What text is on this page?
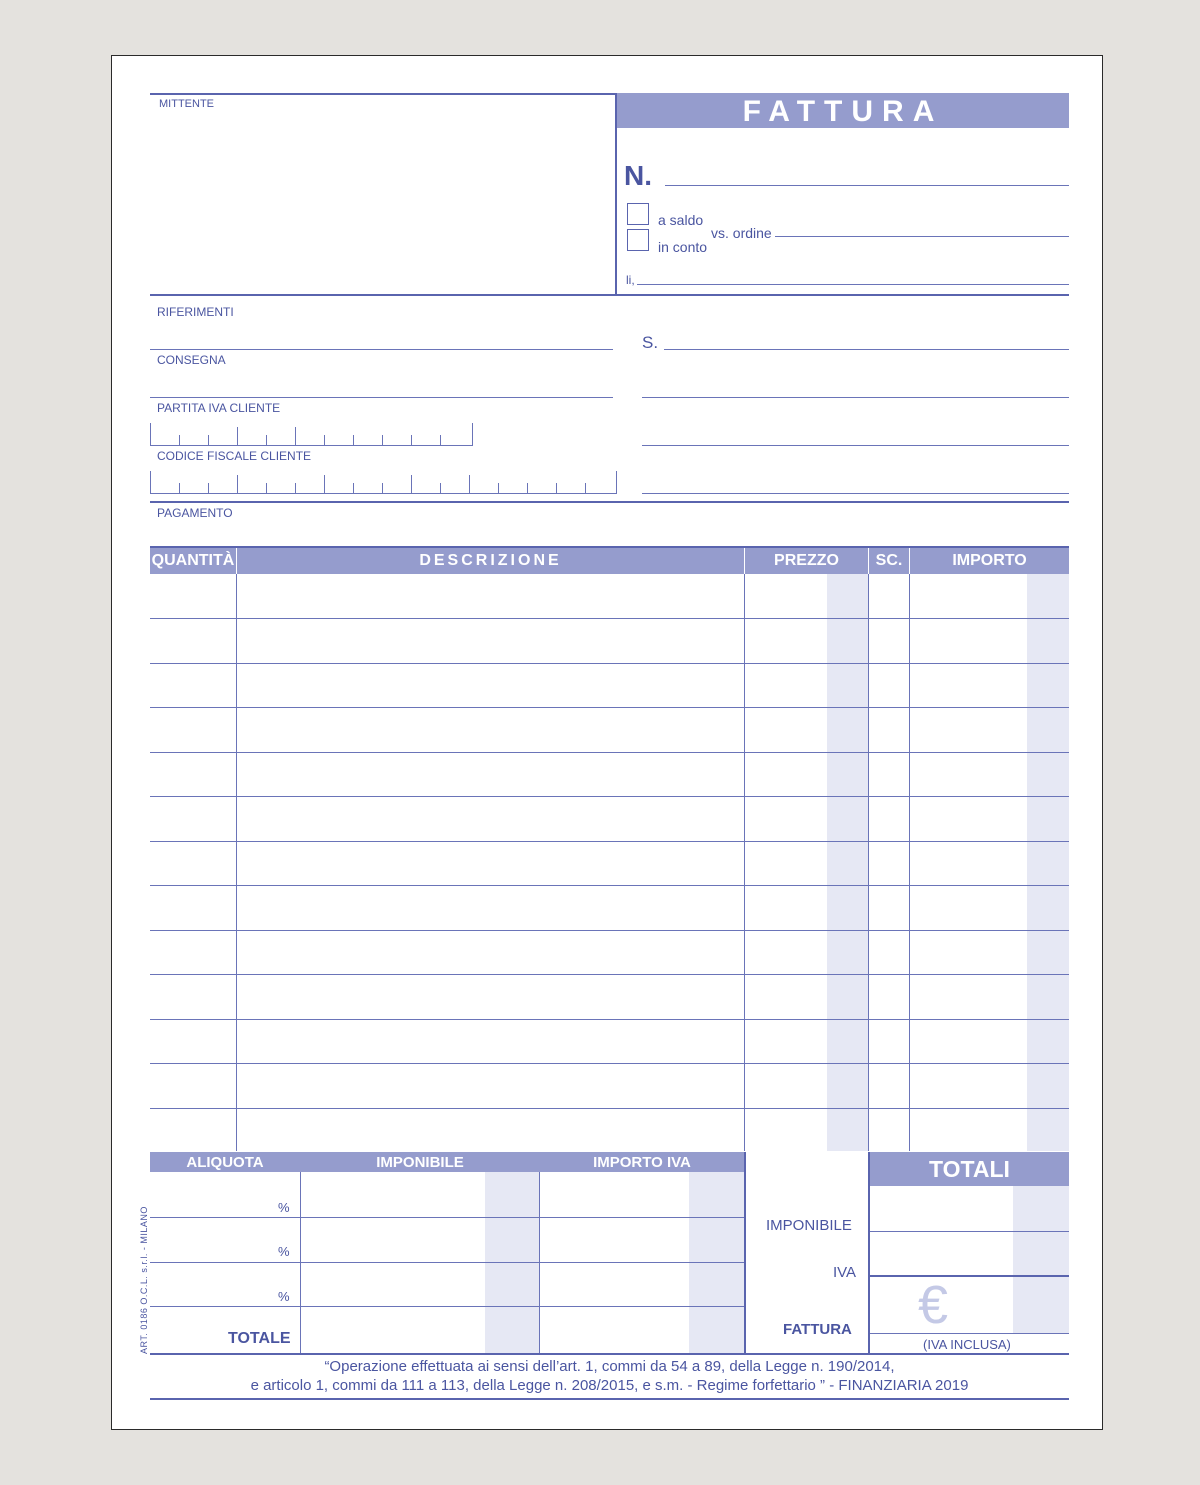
MITTENTE	FATTURA
N.
a saldo
in conto
vs. ordine
li,
RIFERIMENTI
CONSEGNA
PARTITA IVA CLIENTE
CODICE FISCALE CLIENTE
S.
PAGAMENTO
QUANTITÀ	DESCRIZIONE	PREZZO	SC.	IMPORTO
ALIQUOTA	IMPONIBILE	IMPORTO IVA
%
%
%
TOTALE
ART. 0186 O.C.L. s.r.l. - MILANO	IMPONIBILE
IVA
FATTURA
TOTALI
€
(IVA INCLUSA)
“Operazione effettuata ai sensi dell’art. 1, commi da 54 a 89, della Legge n. 190/2014,
e articolo 1, commi da 111 a 113, della Legge n. 208/2015, e s.m. - Regime forfettario ” - FINANZIARIA 2019
